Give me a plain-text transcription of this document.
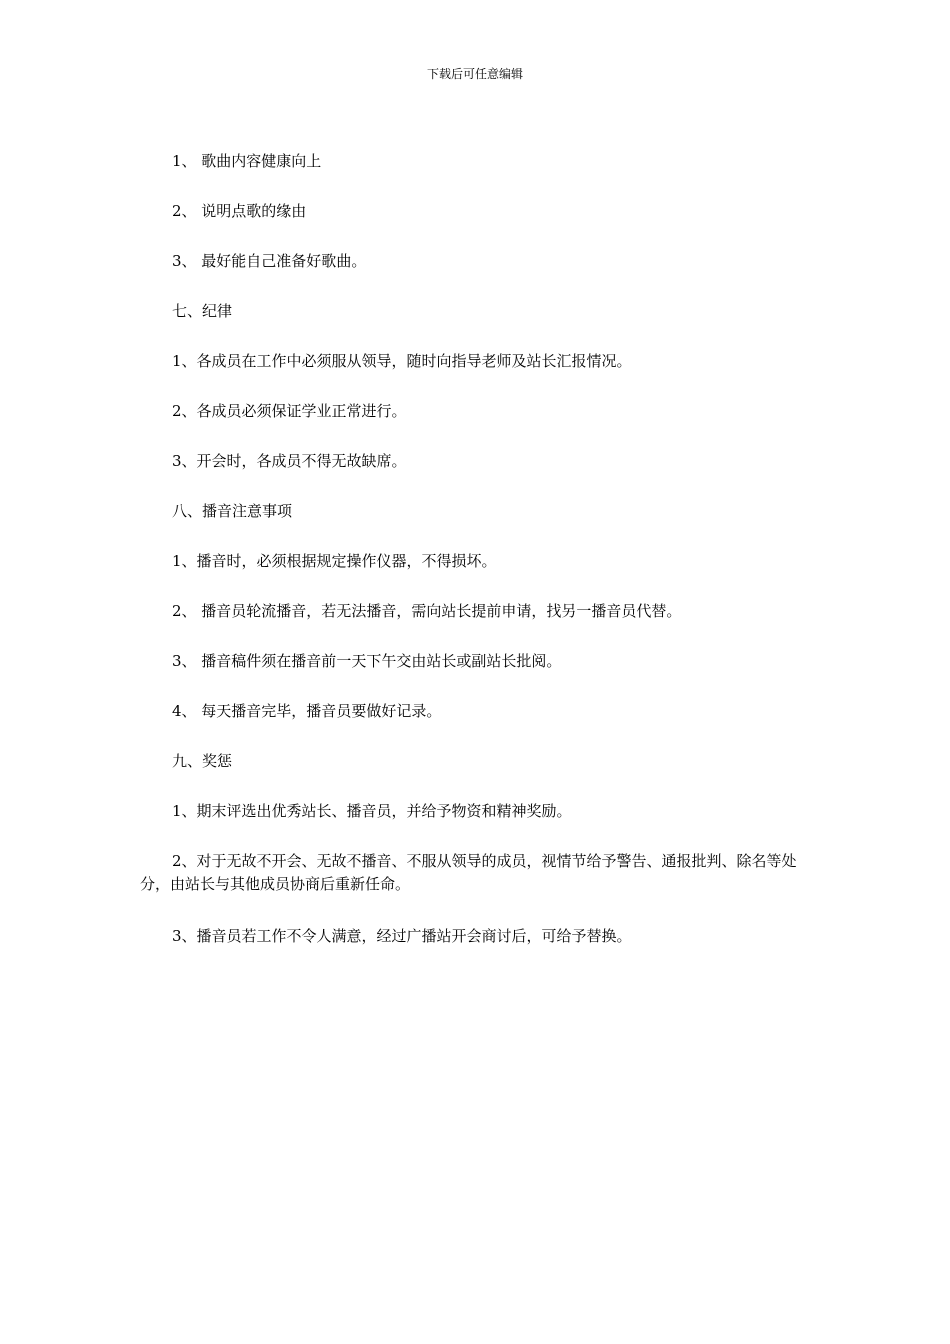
下载后可任意编辑

1、 歌曲内容健康向上

2、 说明点歌的缘由

3、 最好能自己准备好歌曲。

七、纪律

1、各成员在工作中必须服从领导，随时向指导老师及站长汇报情况。

2、各成员必须保证学业正常进行。

3、开会时，各成员不得无故缺席。

八、播音注意事项

1、播音时，必须根据规定操作仪器，不得损坏。

2、 播音员轮流播音，若无法播音，需向站长提前申请，找另一播音员代替。

3、 播音稿件须在播音前一天下午交由站长或副站长批阅。

4、 每天播音完毕，播音员要做好记录。

九、奖惩

1、期末评选出优秀站长、播音员，并给予物资和精神奖励。

2、对于无故不开会、无故不播音、不服从领导的成员，视情节给予警告、通报批判、除名等处分，由站长与其他成员协商后重新任命。

3、播音员若工作不令人满意，经过广播站开会商讨后，可给予替换。
